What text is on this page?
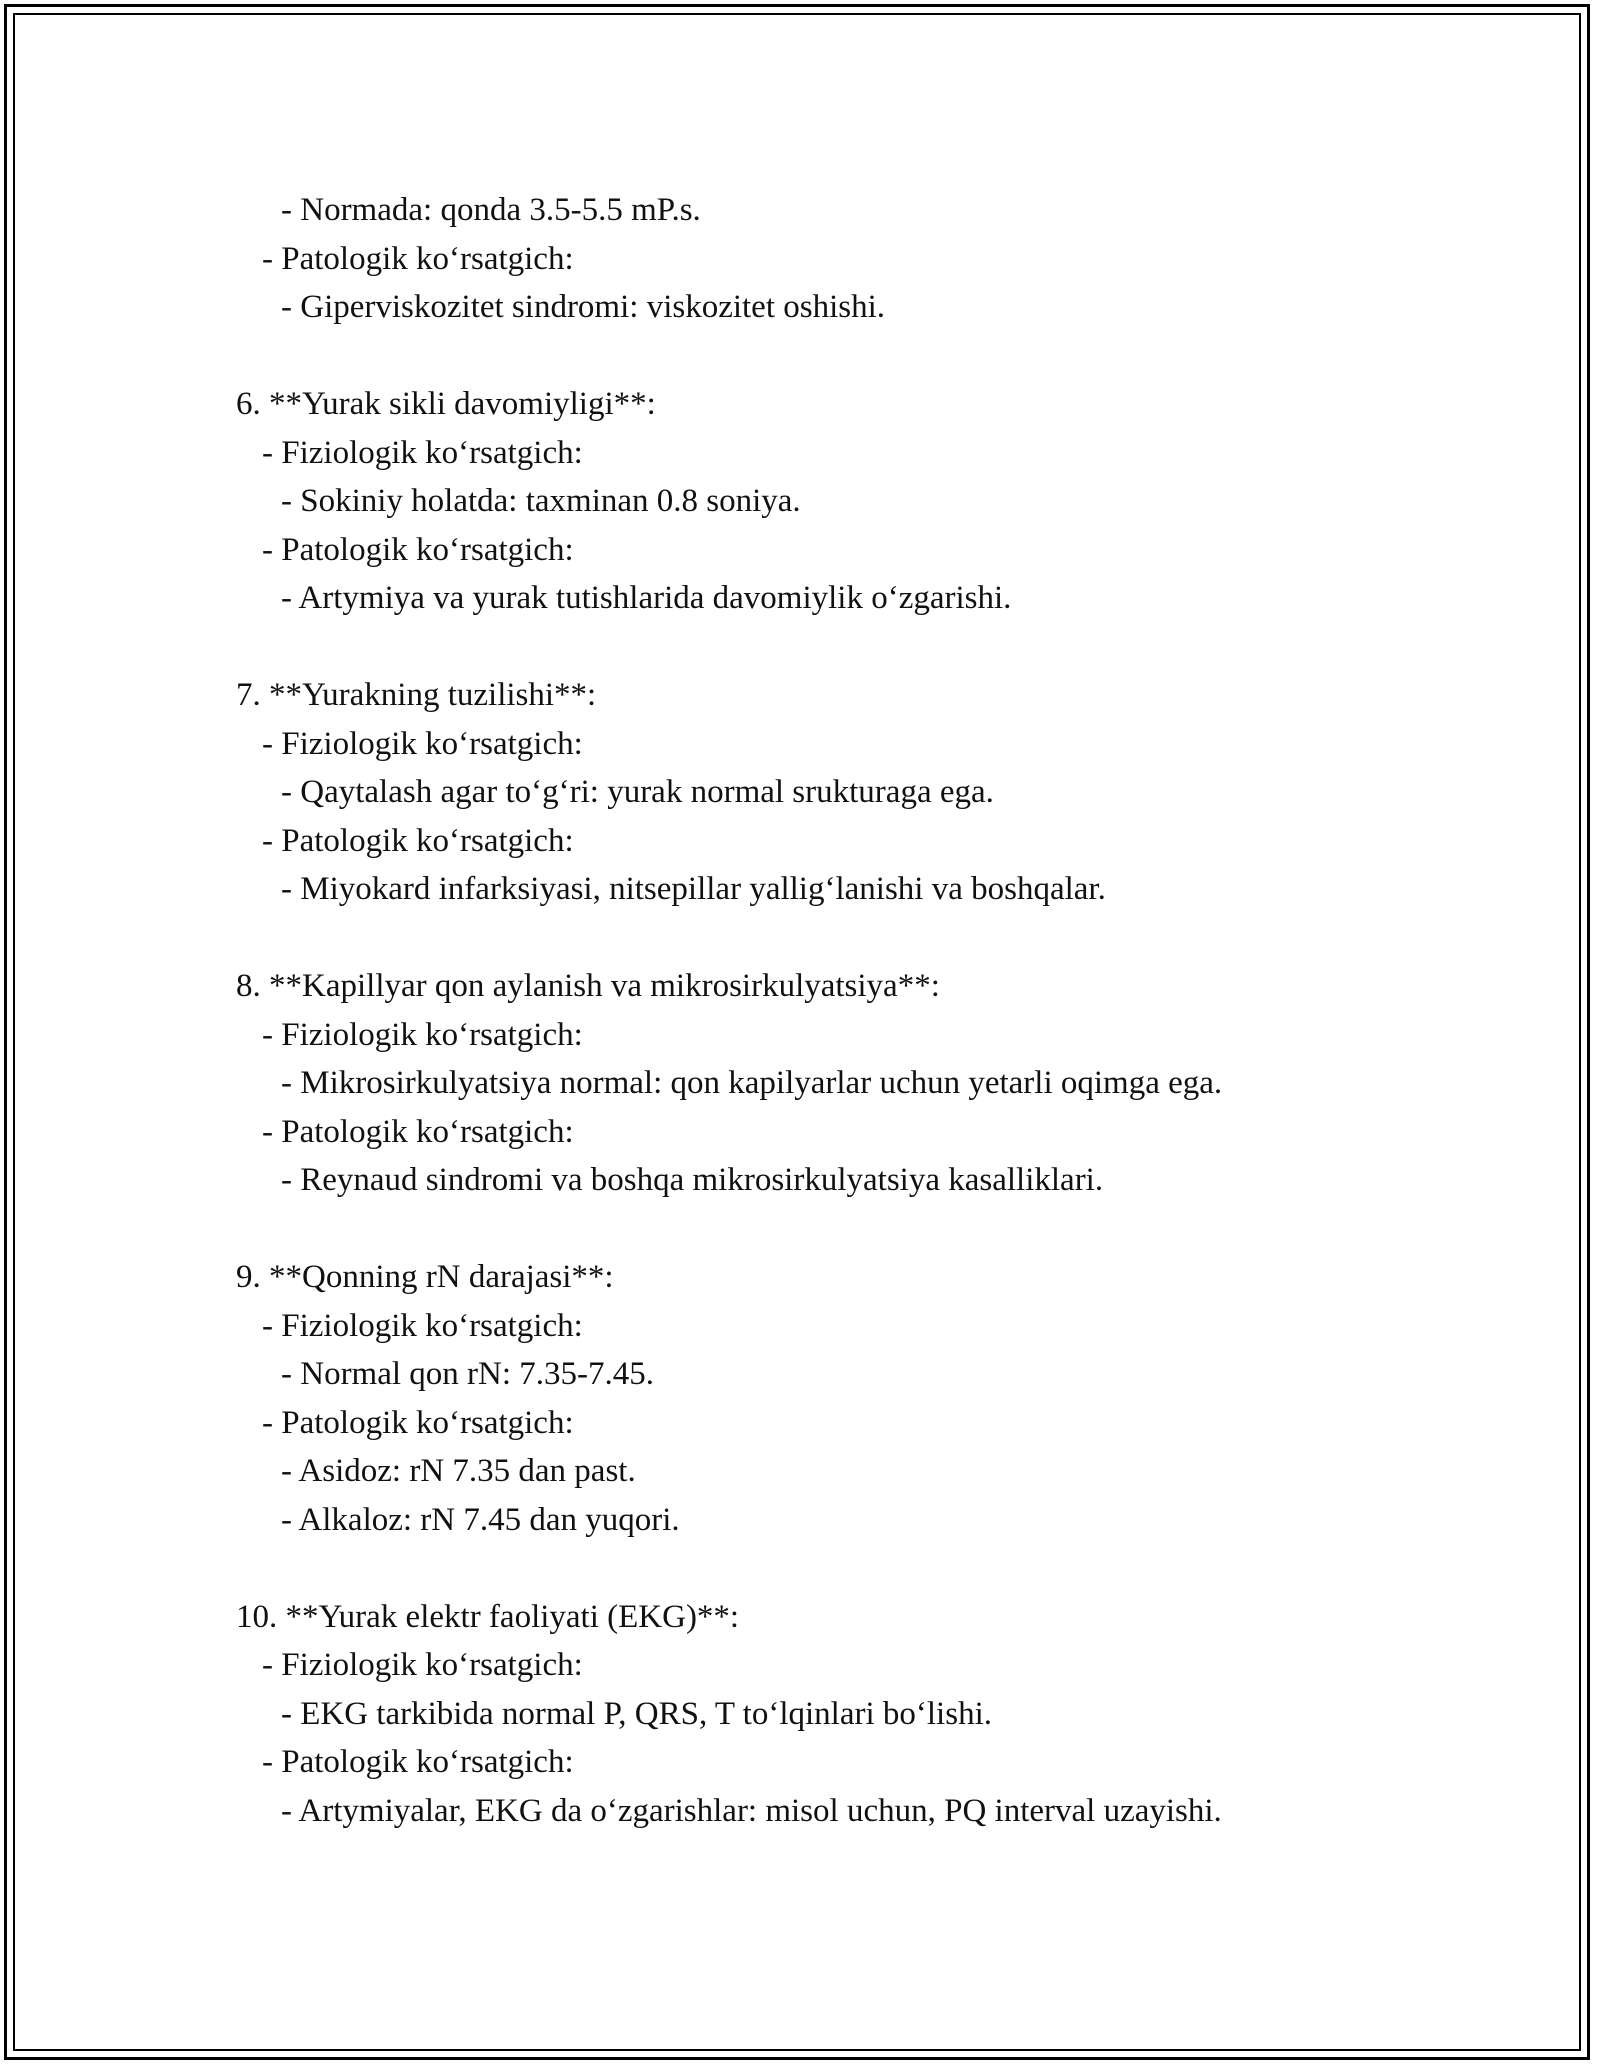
- Normada: qonda 3.5-5.5 mP.s.
- Patologik ko‘rsatgich:
- Giperviskozitet sindromi: viskozitet oshishi.
6. **Yurak sikli davomiyligi**:
- Fiziologik ko‘rsatgich:
- Sokiniy holatda: taxminan 0.8 soniya.
- Patologik ko‘rsatgich:
- Artymiya va yurak tutishlarida davomiylik o‘zgarishi.
7. **Yurakning tuzilishi**:
- Fiziologik ko‘rsatgich:
- Qaytalash agar to‘g‘ri: yurak normal srukturaga ega.
- Patologik ko‘rsatgich:
- Miyokard infarksiyasi, nitsepillar yallig‘lanishi va boshqalar.
8. **Kapillyar qon aylanish va mikrosirkulyatsiya**:
- Fiziologik ko‘rsatgich:
- Mikrosirkulyatsiya normal: qon kapilyarlar uchun yetarli oqimga ega.
- Patologik ko‘rsatgich:
- Reynaud sindromi va boshqa mikrosirkulyatsiya kasalliklari.
9. **Qonning rN darajasi**:
- Fiziologik ko‘rsatgich:
- Normal qon rN: 7.35-7.45.
- Patologik ko‘rsatgich:
- Asidoz: rN 7.35 dan past.
- Alkaloz: rN 7.45 dan yuqori.
10. **Yurak elektr faoliyati (EKG)**:
- Fiziologik ko‘rsatgich:
- EKG tarkibida normal P, QRS, T to‘lqinlari bo‘lishi.
- Patologik ko‘rsatgich:
- Artymiyalar, EKG da o‘zgarishlar: misol uchun, PQ interval uzayishi.
